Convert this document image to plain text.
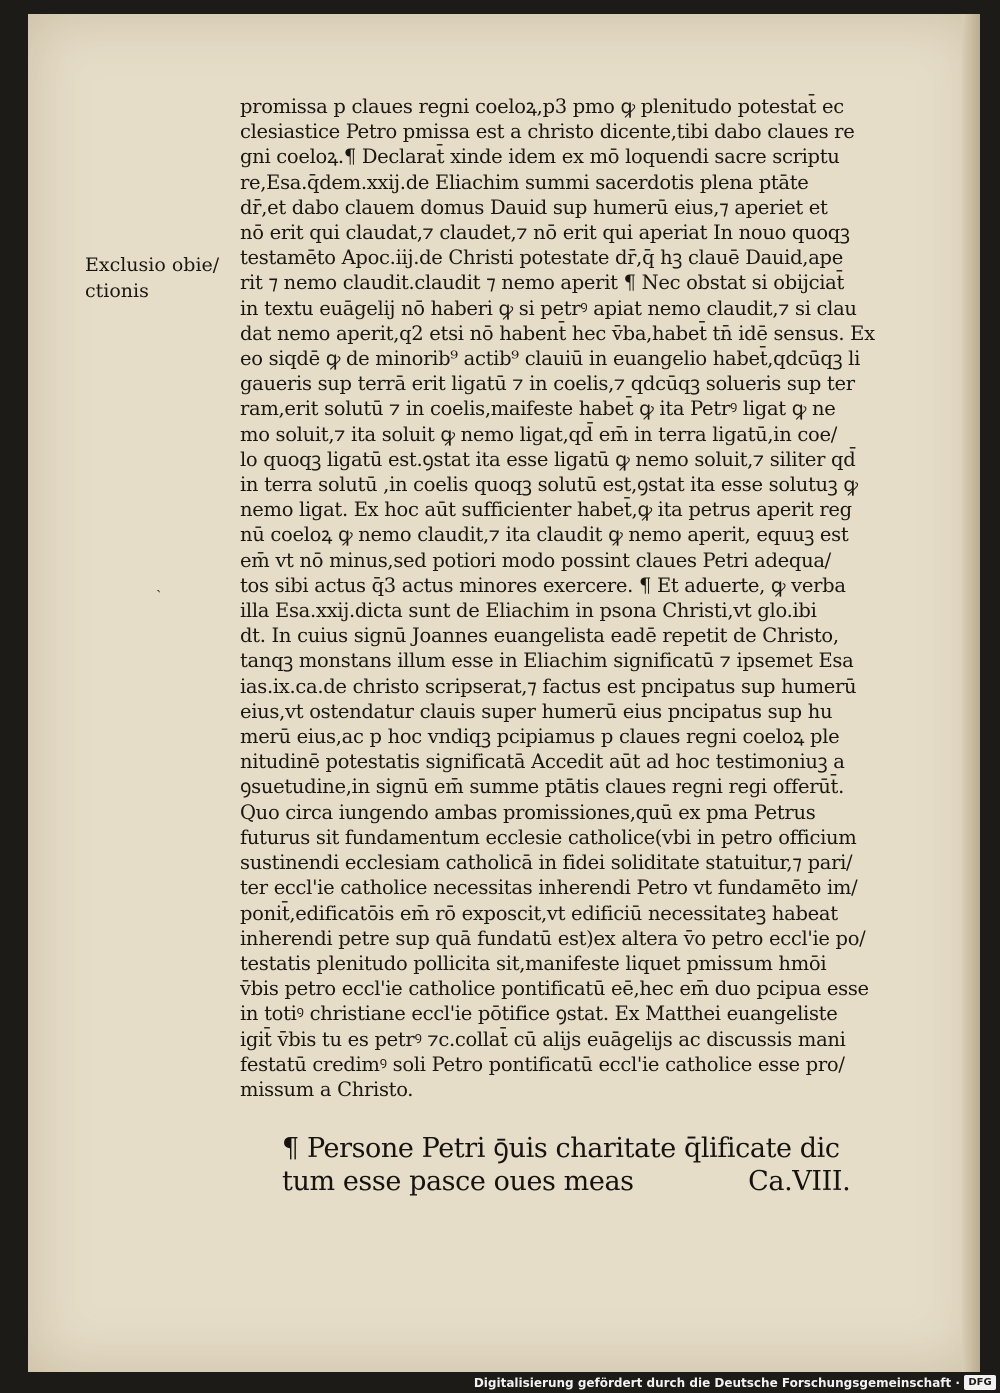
Exclusio obie/
ctionis
ˎ
promissa p claues regni coeloꝝ,p3 pmo ꝙ plenitudo potestat̄ ec
clesiastice Petro pmissa est a christo dicente,tibi dabo claues re
gni coeloꝝ.¶ Declarat̄ xinde idem ex mō loquendi sacre scriptu
re,Esa.q̄dem.xxij.de Eliachim summi sacerdotis plena ptāte
dr̄,et dabo clauem domus Dauid sup humerū eius,⁊ aperiet et
nō erit qui claudat,⁊ claudet,⁊ nō erit qui aperiat In nouo quoqꝫ
testamēto Apoc.iij.de Christi potestate dr̄,q̄ hꝫ clauē Dauid,ape
rit ⁊ nemo claudit.claudit ⁊ nemo aperit ¶ Nec obstat si obijciat̄
in textu euāgelij nō haberi ꝙ si petrꝰ apiat nemo claudit,⁊ si clau
dat nemo aperit,q2 etsi nō habent̄ hec v̄ba,habet̄ tn̄ idē sensus. Ex
eo siqdē ꝙ de minorib⁹ actib⁹ clauiū in euangelio habet̄,qdcūqꝫ li
gaueris sup terrā erit ligatū ⁊ in coelis,⁊ qdcūqꝫ solueris sup ter
ram,erit solutū ⁊ in coelis,maifeste habet̄ ꝙ ita Petrꝰ ligat ꝙ ne
mo soluit,⁊ ita soluit ꝙ nemo ligat,qd̄ em̄ in terra ligatū,in coe/
lo quoqꝫ ligatū est.ꝯstat ita esse ligatū ꝙ nemo soluit,⁊ siliter qd̄
in terra solutū ,in coelis quoqꝫ solutū est,ꝯstat ita esse solutuꝫ ꝙ
nemo ligat. Ex hoc aūt sufficienter habet̄,ꝙ ita petrus aperit reg
nū coeloꝝ ꝙ nemo claudit,⁊ ita claudit ꝙ nemo aperit, equuꝫ est
em̄ vt nō minus,sed potiori modo possint claues Petri adequa/
tos sibi actus q̄3 actus minores exercere. ¶ Et aduerte, ꝙ verba
illa Esa.xxij.dicta sunt de Eliachim in psona Christi,vt glo.ibi
dt. In cuius signū Joannes euangelista eadē repetit de Christo,
tanqꝫ monstans illum esse in Eliachim significatū ⁊ ipsemet Esa
ias.ix.ca.de christo scripserat,⁊ factus est pncipatus sup humerū
eius,vt ostendatur clauis super humerū eius pncipatus sup hu
merū eius,ac p hoc vndiqꝫ pcipiamus p claues regni coeloꝝ ple
nitudinē potestatis significatā Accedit aūt ad hoc testimoniuꝫ a
ꝯsuetudine,in signū em̄ summe ptātis claues regni regi offerūt̄.
Quo circa iungendo ambas promissiones,quū ex pma Petrus
futurus sit fundamentum ecclesie catholice(vbi in petro officium
sustinendi ecclesiam catholicā in fidei soliditate statuitur,⁊ pari/
ter eccl'ie catholice necessitas inherendi Petro vt fundamēto im/
ponit̄,edificatōis em̄ rō exposcit,vt edificiū necessitateꝫ habeat
inherendi petre sup quā fundatū est)ex altera v̄o petro eccl'ie po/
testatis plenitudo pollicita sit,manifeste liquet pmissum hmōi
v̄bis petro eccl'ie catholice pontificatū eē,hec em̄ duo pcipua esse
in totiꝰ christiane eccl'ie pōtifice ꝯstat. Ex Matthei euangeliste
igit̄ v̄bis tu es petrꝰ ⁊c.collat̄ cū alijs euāgelijs ac discussis mani
festatū credimꝰ soli Petro pontificatū eccl'ie catholice esse pro/
missum a Christo.
¶ Persone Petri ꝯ̄uis charitate q̄lificate dic
tum esse pasce oues meas              Ca.VIII.
Digitalisierung gefördert durch die Deutsche Forschungsgemeinschaft · DFG
